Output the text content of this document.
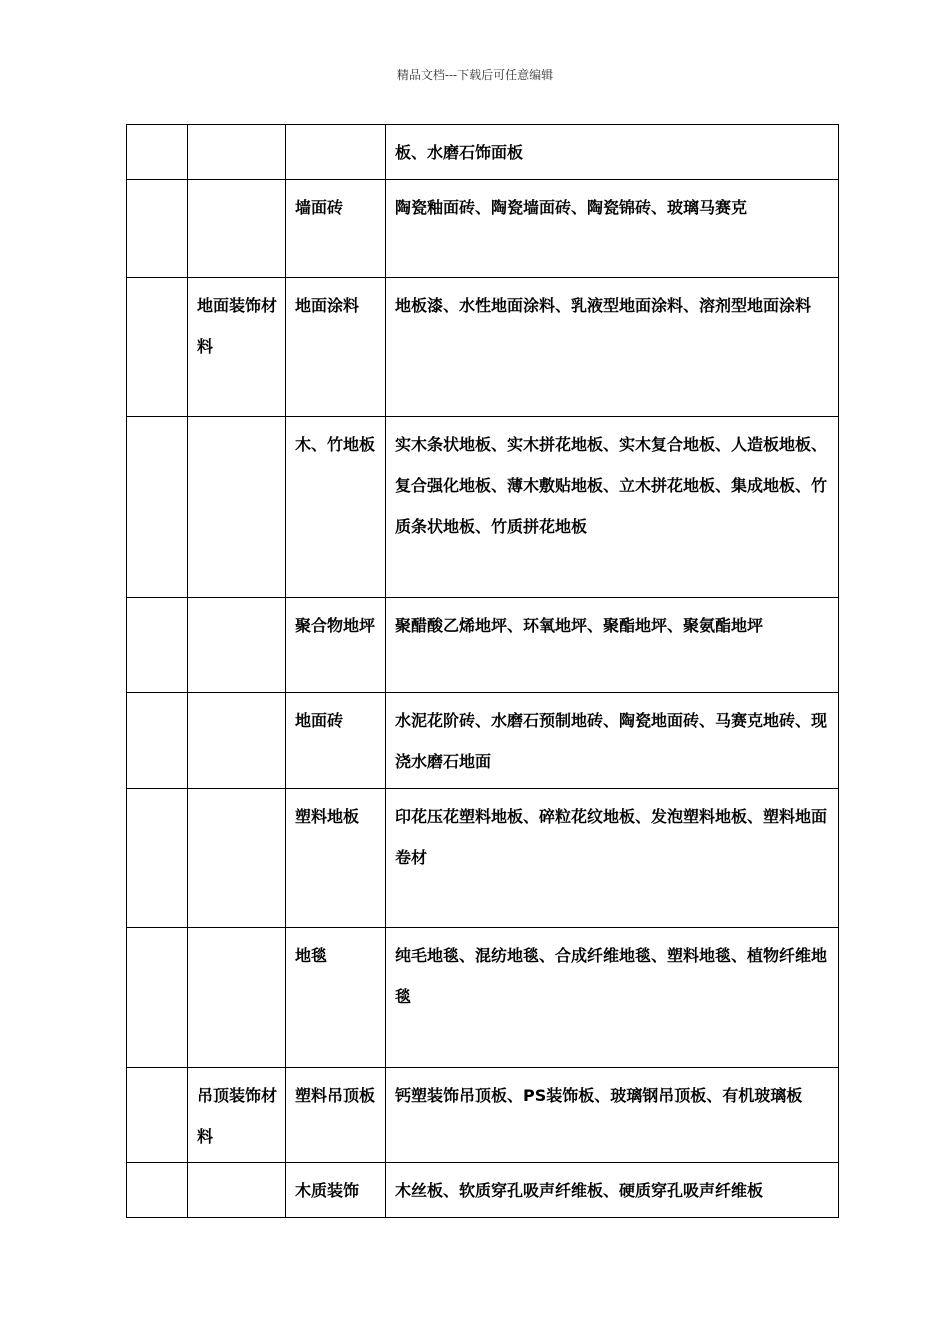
精品文档---下载后可任意编辑
			板、水磨石饰面板
		墙面砖	陶瓷釉面砖、陶瓷墙面砖、陶瓷锦砖、玻璃马赛克
	地面装饰材料	地面涂料	地板漆、水性地面涂料、乳液型地面涂料、溶剂型地面涂料
		木、竹地板	实木条状地板、实木拼花地板、实木复合地板、人造板地板、复合强化地板、薄木敷贴地板、立木拼花地板、集成地板、竹质条状地板、竹质拼花地板
		聚合物地坪	聚醋酸乙烯地坪、环氧地坪、聚酯地坪、聚氨酯地坪
		地面砖	水泥花阶砖、水磨石预制地砖、陶瓷地面砖、马赛克地砖、现浇水磨石地面
		塑料地板	印花压花塑料地板、碎粒花纹地板、发泡塑料地板、塑料地面卷材
		地毯	纯毛地毯、混纺地毯、合成纤维地毯、塑料地毯、植物纤维地毯
	吊顶装饰材料	塑料吊顶板	钙塑装饰吊顶板、PS装饰板、玻璃钢吊顶板、有机玻璃板
		木质装饰	木丝板、软质穿孔吸声纤维板、硬质穿孔吸声纤维板
